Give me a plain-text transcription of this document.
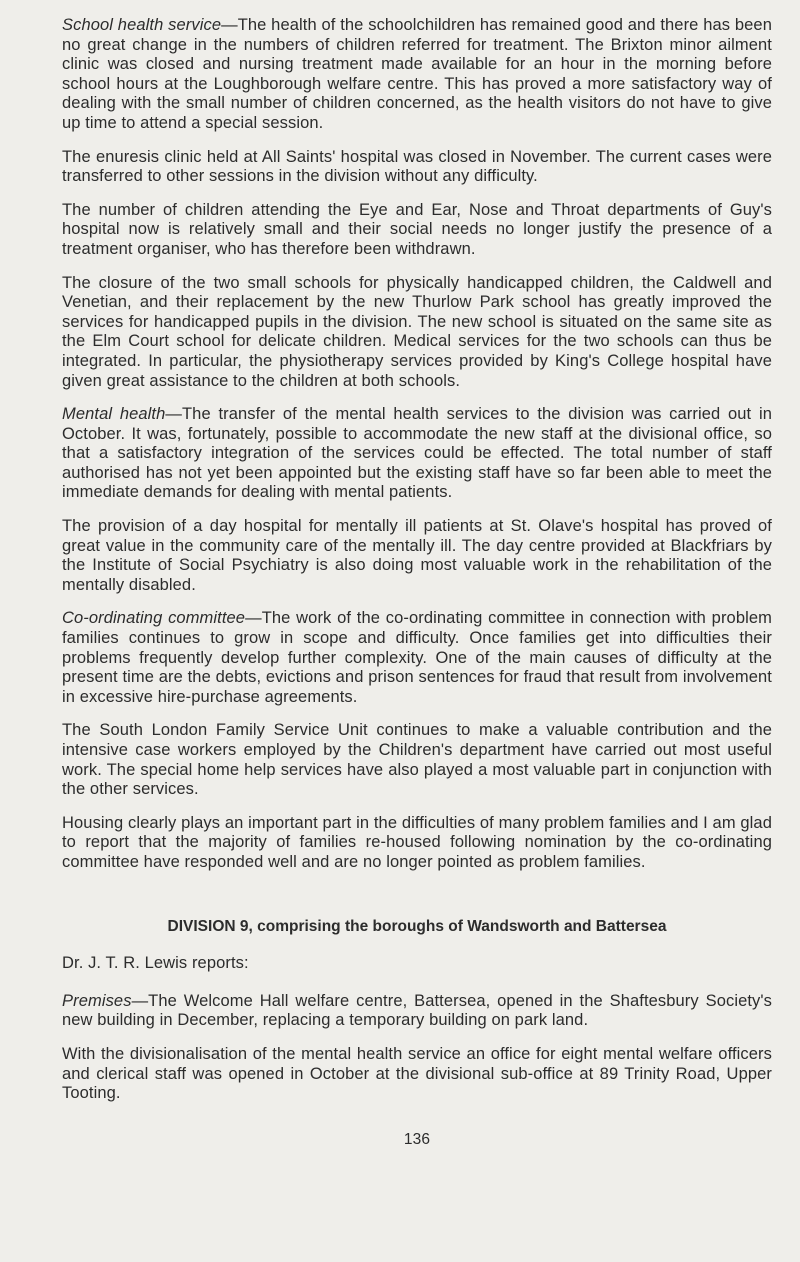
School health service—The health of the schoolchildren has remained good and there has been no great change in the numbers of children referred for treatment. The Brixton minor ailment clinic was closed and nursing treatment made available for an hour in the morning before school hours at the Loughborough welfare centre. This has proved a more satisfactory way of dealing with the small number of children concerned, as the health visitors do not have to give up time to attend a special session.

The enuresis clinic held at All Saints' hospital was closed in November. The current cases were transferred to other sessions in the division without any difficulty.

The number of children attending the Eye and Ear, Nose and Throat departments of Guy's hospital now is relatively small and their social needs no longer justify the presence of a treatment organiser, who has therefore been withdrawn.

The closure of the two small schools for physically handicapped children, the Caldwell and Venetian, and their replacement by the new Thurlow Park school has greatly improved the services for handicapped pupils in the division. The new school is situated on the same site as the Elm Court school for delicate children. Medical services for the two schools can thus be integrated. In particular, the physiotherapy services provided by King's College hospital have given great assistance to the children at both schools.

Mental health—The transfer of the mental health services to the division was carried out in October. It was, fortunately, possible to accommodate the new staff at the divisional office, so that a satisfactory integration of the services could be effected. The total number of staff authorised has not yet been appointed but the existing staff have so far been able to meet the immediate demands for dealing with mental patients.

The provision of a day hospital for mentally ill patients at St. Olave's hospital has proved of great value in the community care of the mentally ill. The day centre provided at Blackfriars by the Institute of Social Psychiatry is also doing most valuable work in the rehabilitation of the mentally disabled.

Co-ordinating committee—The work of the co-ordinating committee in connection with problem families continues to grow in scope and difficulty. Once families get into difficulties their problems frequently develop further complexity. One of the main causes of difficulty at the present time are the debts, evictions and prison sentences for fraud that result from involvement in excessive hire-purchase agreements.

The South London Family Service Unit continues to make a valuable contribution and the intensive case workers employed by the Children's department have carried out most useful work. The special home help services have also played a most valuable part in conjunction with the other services.

Housing clearly plays an important part in the difficulties of many problem families and I am glad to report that the majority of families re-housed following nomination by the co-ordinating committee have responded well and are no longer pointed as problem families.

DIVISION 9, comprising the boroughs of Wandsworth and Battersea

Dr. J. T. R. Lewis reports:

Premises—The Welcome Hall welfare centre, Battersea, opened in the Shaftesbury Society's new building in December, replacing a temporary building on park land.

With the divisionalisation of the mental health service an office for eight mental welfare officers and clerical staff was opened in October at the divisional sub-office at 89 Trinity Road, Upper Tooting.

136
